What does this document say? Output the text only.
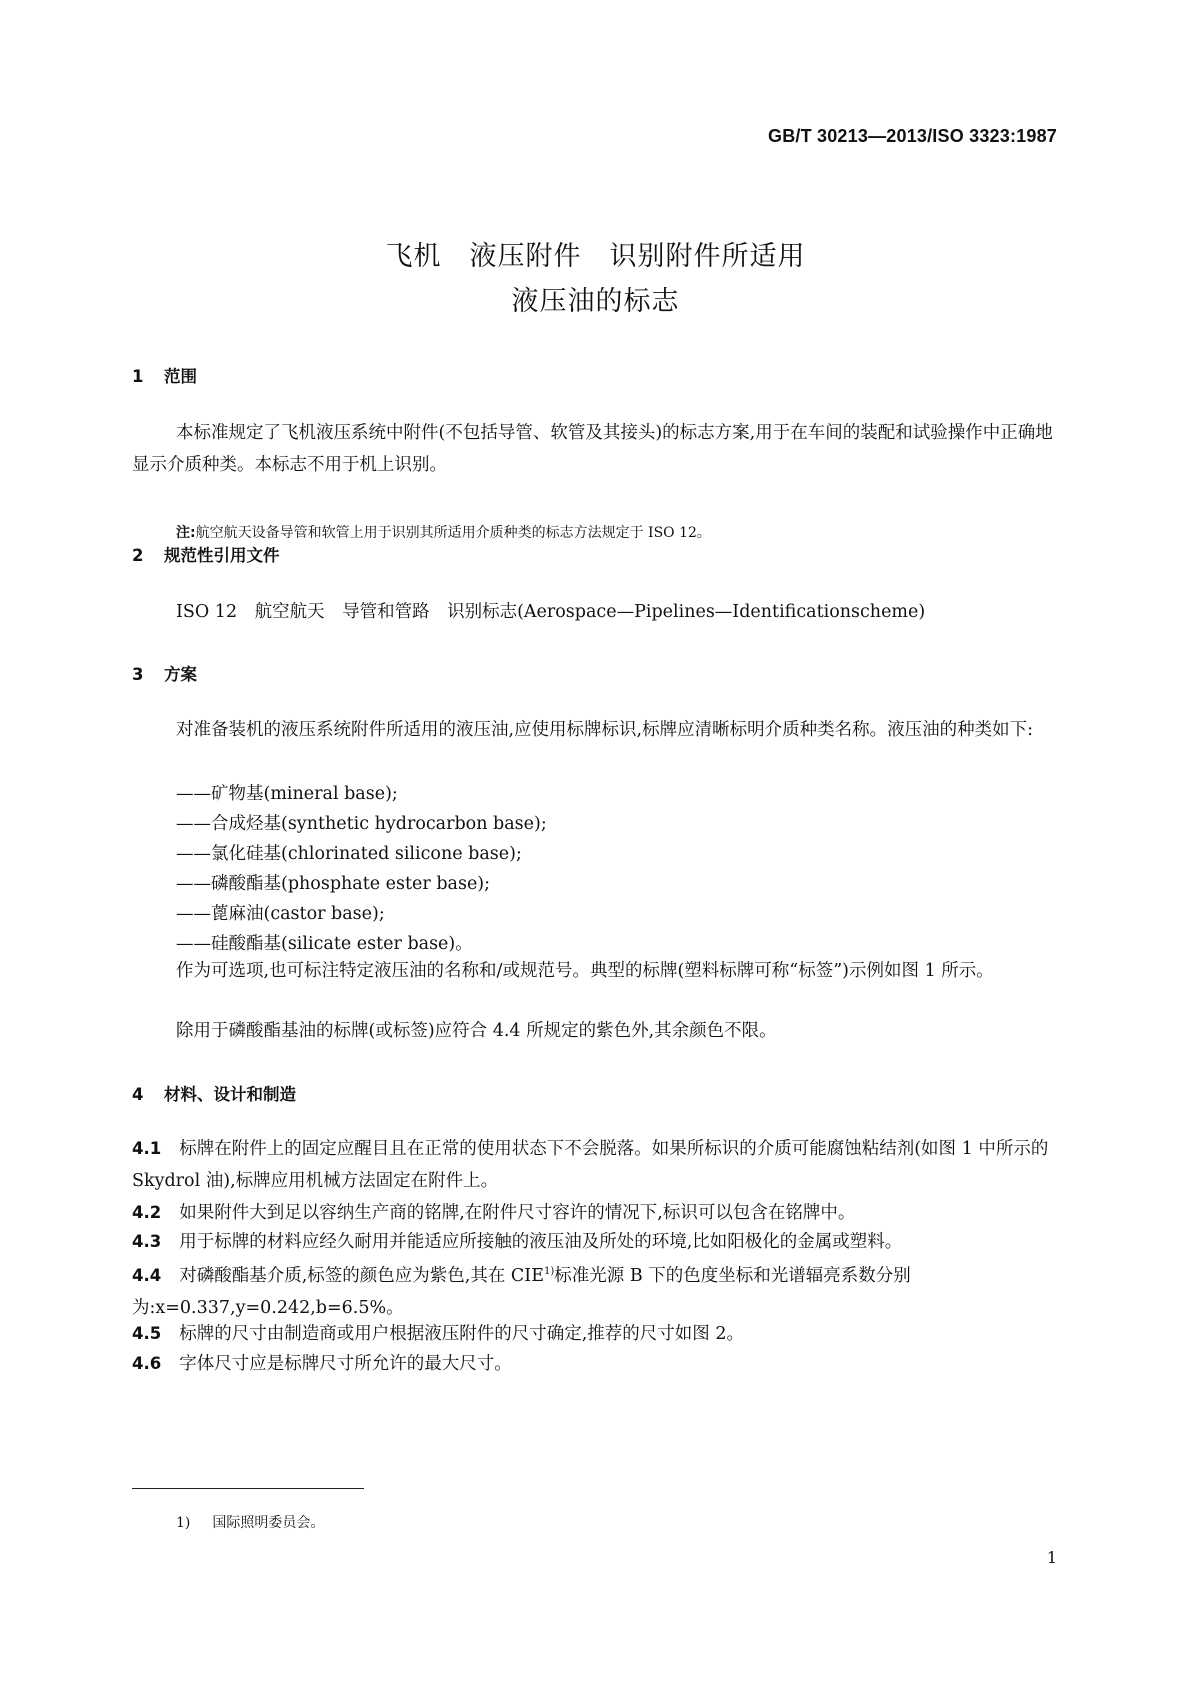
GB/T 30213—2013/ISO 3323:1987
飞机　液压附件　识别附件所适用
液压油的标志
1 范围
本标准规定了飞机液压系统中附件(不包括导管、软管及其接头)的标志方案,用于在车间的装配和试验操作中正确地显示介质种类。本标志不用于机上识别。
注:航空航天设备导管和软管上用于识别其所适用介质种类的标志方法规定于 ISO 12。
2 规范性引用文件
ISO 12　航空航天　导管和管路　识别标志(Aerospace—Pipelines—Identificationscheme)
3 方案
对准备装机的液压系统附件所适用的液压油,应使用标牌标识,标牌应清晰标明介质种类名称。液压油的种类如下:
——矿物基(mineral base);
——合成烃基(synthetic hydrocarbon base);
——氯化硅基(chlorinated silicone base);
——磷酸酯基(phosphate ester base);
——蓖麻油(castor base);
——硅酸酯基(silicate ester base)。
作为可选项,也可标注特定液压油的名称和/或规范号。典型的标牌(塑料标牌可称“标签”)示例如图 1 所示。
除用于磷酸酯基油的标牌(或标签)应符合 4.4 所规定的紫色外,其余颜色不限。
4 材料、设计和制造
4.1 标牌在附件上的固定应醒目且在正常的使用状态下不会脱落。如果所标识的介质可能腐蚀粘结剂(如图 1 中所示的 Skydrol 油),标牌应用机械方法固定在附件上。
4.2 如果附件大到足以容纳生产商的铭牌,在附件尺寸容许的情况下,标识可以包含在铭牌中。
4.3 用于标牌的材料应经久耐用并能适应所接触的液压油及所处的环境,比如阳极化的金属或塑料。
4.4 对磷酸酯基介质,标签的颜色应为紫色,其在 CIE$^{1)}$标准光源 B 下的色度坐标和光谱辐亮系数分别为:x=0.337,y=0.242,b=6.5%。
4.5 标牌的尺寸由制造商或用户根据液压附件的尺寸确定,推荐的尺寸如图 2。
4.6 字体尺寸应是标牌尺寸所允许的最大尺寸。
1) 国际照明委员会。
1
